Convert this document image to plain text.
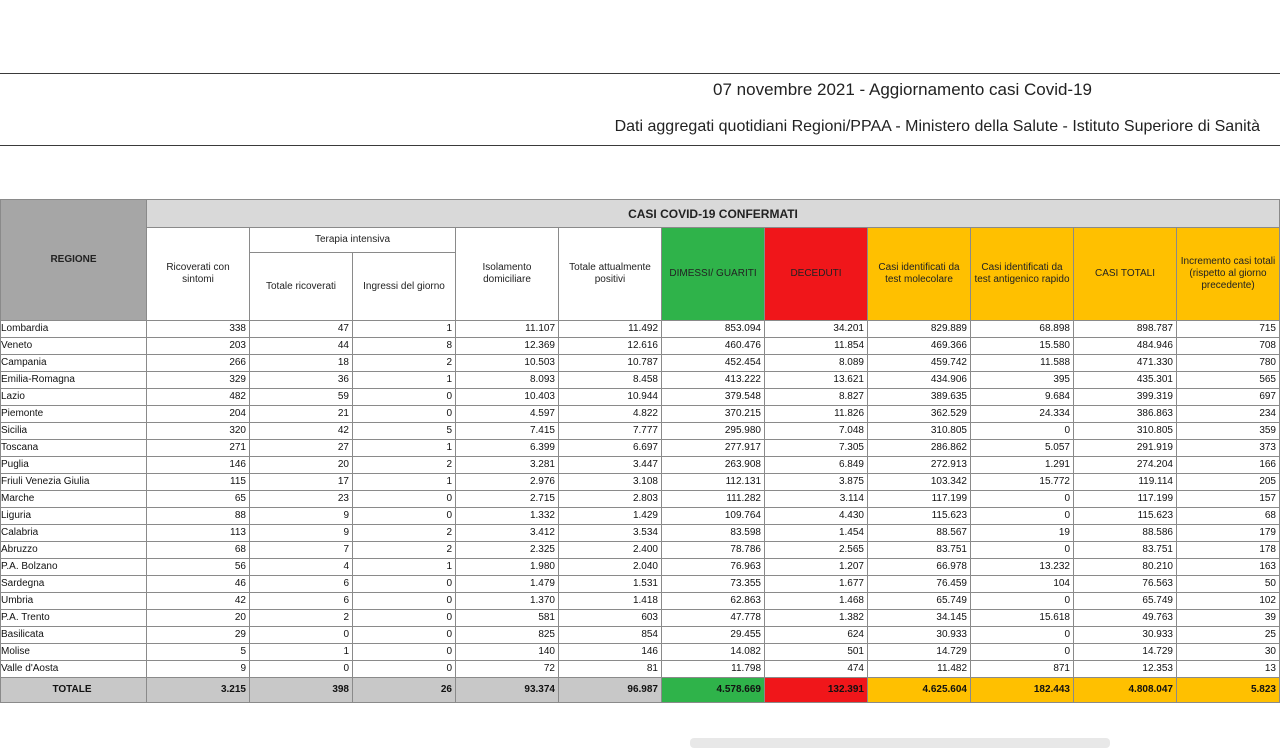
07 novembre 2021 - Aggiornamento casi Covid-19
Dati aggregati quotidiani Regioni/PPAA - Ministero della Salute - Istituto Superiore di Sanità
REGIONE	CASI COVID-19 CONFERMATI										
	Ricoverati con sintomi	Terapia intensiva		Isolamento domiciliare	Totale attualmente positivi	DIMESSI/ GUARITI	DECEDUTI	Casi identificati da test molecolare	Casi identificati da test antigenico rapido	CASI TOTALI	Incremento casi totali (rispetto al giorno precedente)
		Totale ricoverati	Ingressi del giorno								
Lombardia	338	47	1	11.107	11.492	853.094	34.201	829.889	68.898	898.787	715
Veneto	203	44	8	12.369	12.616	460.476	11.854	469.366	15.580	484.946	708
Campania	266	18	2	10.503	10.787	452.454	8.089	459.742	11.588	471.330	780
Emilia-Romagna	329	36	1	8.093	8.458	413.222	13.621	434.906	395	435.301	565
Lazio	482	59	0	10.403	10.944	379.548	8.827	389.635	9.684	399.319	697
Piemonte	204	21	0	4.597	4.822	370.215	11.826	362.529	24.334	386.863	234
Sicilia	320	42	5	7.415	7.777	295.980	7.048	310.805	0	310.805	359
Toscana	271	27	1	6.399	6.697	277.917	7.305	286.862	5.057	291.919	373
Puglia	146	20	2	3.281	3.447	263.908	6.849	272.913	1.291	274.204	166
Friuli Venezia Giulia	115	17	1	2.976	3.108	112.131	3.875	103.342	15.772	119.114	205
Marche	65	23	0	2.715	2.803	111.282	3.114	117.199	0	117.199	157
Liguria	88	9	0	1.332	1.429	109.764	4.430	115.623	0	115.623	68
Calabria	113	9	2	3.412	3.534	83.598	1.454	88.567	19	88.586	179
Abruzzo	68	7	2	2.325	2.400	78.786	2.565	83.751	0	83.751	178
P.A. Bolzano	56	4	1	1.980	2.040	76.963	1.207	66.978	13.232	80.210	163
Sardegna	46	6	0	1.479	1.531	73.355	1.677	76.459	104	76.563	50
Umbria	42	6	0	1.370	1.418	62.863	1.468	65.749	0	65.749	102
P.A. Trento	20	2	0	581	603	47.778	1.382	34.145	15.618	49.763	39
Basilicata	29	0	0	825	854	29.455	624	30.933	0	30.933	25
Molise	5	1	0	140	146	14.082	501	14.729	0	14.729	30
Valle d'Aosta	9	0	0	72	81	11.798	474	11.482	871	12.353	13
TOTALE	3.215	398	26	93.374	96.987	4.578.669	132.391	4.625.604	182.443	4.808.047	5.823
